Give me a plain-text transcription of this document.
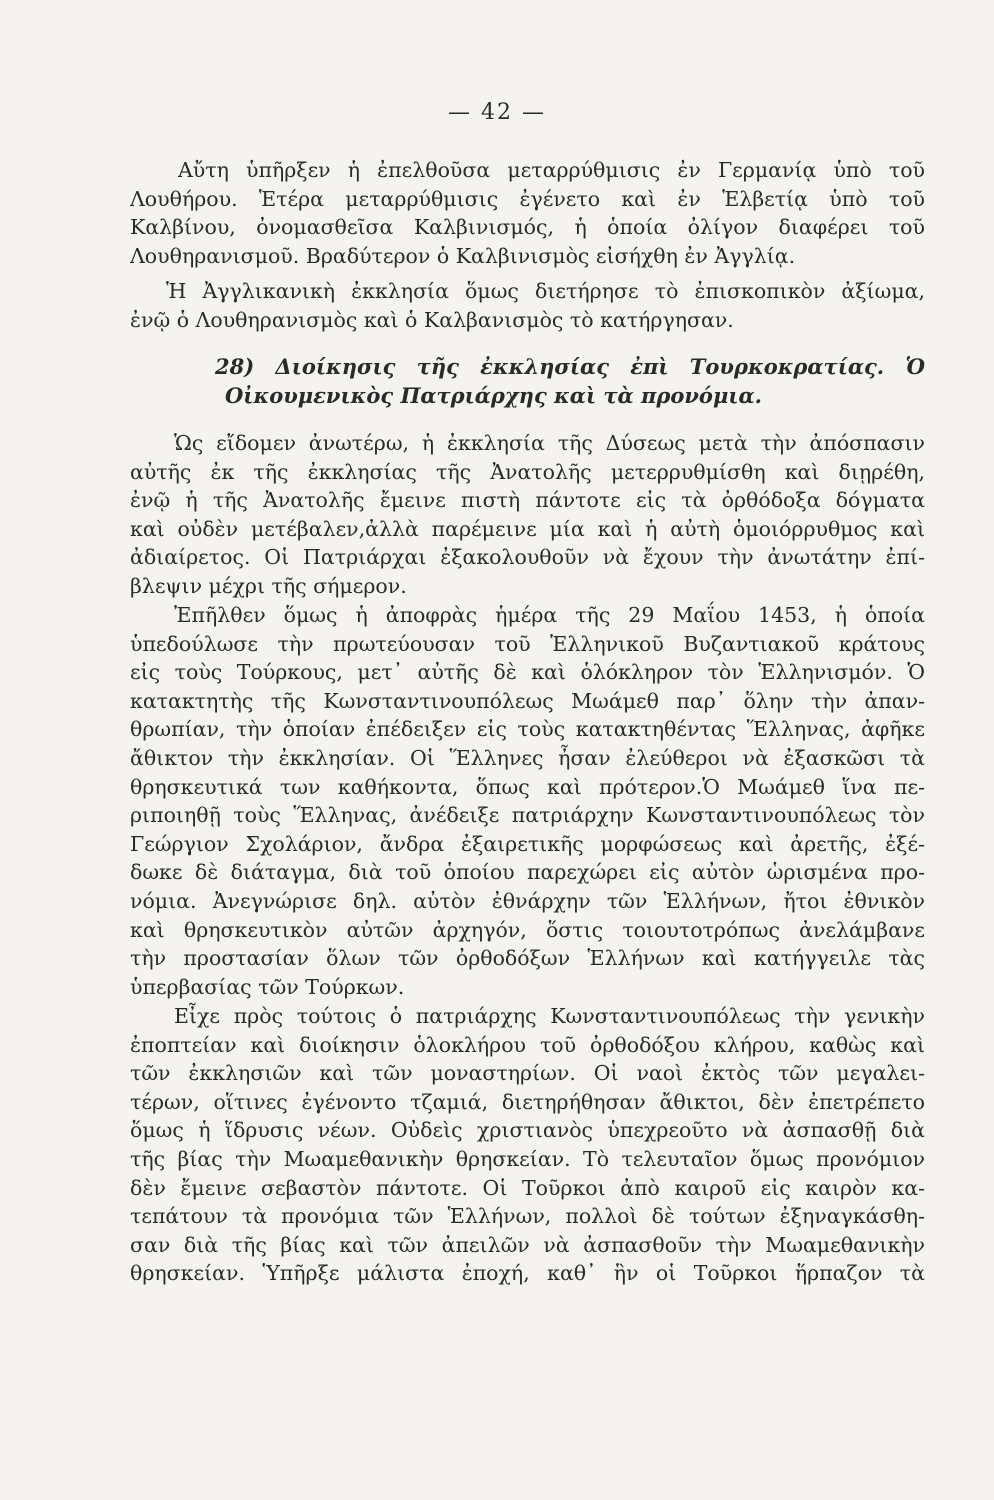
— 42 —
Αὔτη ὑπῆρξεν ἡ ἐπελθοῦσα μεταρρύθμισις ἐν Γερμανίᾳ ὑπὸ τοῦ
Λουθήρου. Ἑτέρα μεταρρύθμισις ἐγένετο καὶ ἐν Ἑλβετίᾳ ὑπὸ τοῦ
Καλβίνου, ὀνομασθεῖσα Καλβινισμός, ἡ ὁποία ὀλίγον διαφέρει τοῦ
Λουθηρανισμοῦ. Βραδύτερον ὁ Καλβινισμὸς εἰσήχθη ἐν Ἀγγλίᾳ.
Ἡ Ἀγγλικανικὴ ἐκκλησία ὅμως διετήρησε τὸ ἐπισκοπικὸν ἀξίωμα,
ἐνῷ ὁ Λουθηρανισμὸς καὶ ὁ Καλβανισμὸς τὸ κατήργησαν.
28) Διοίκησις τῆς ἐκκλησίας ἐπὶ Τουρκοκρατίας. Ὁ
Οἰκουμενικὸς Πατριάρχης καὶ τὰ προνόμια.
Ὡς εἴδομεν ἀνωτέρω, ἡ ἐκκλησία τῆς Δύσεως μετὰ τὴν ἀπόσπασιν
αὐτῆς ἐκ τῆς ἐκκλησίας τῆς Ἀνατολῆς μετερρυθμίσθη καὶ διῃρέθη,
ἐνῷ ἡ τῆς Ἀνατολῆς ἔμεινε πιστὴ πάντοτε εἰς τὰ ὀρθόδοξα δόγματα
καὶ οὐδὲν μετέβαλεν,ἀλλὰ παρέμεινε μία καὶ ἡ αὐτὴ ὁμοιόρρυθμος καὶ
ἀδιαίρετος. Οἱ Πατριάρχαι ἐξακολουθοῦν νὰ ἔχουν τὴν ἀνωτάτην ἐπί-
βλεψιν μέχρι τῆς σήμερον.
Ἐπῆλθεν ὅμως ἡ ἀποφρὰς ἡμέρα τῆς 29 Μαΐου 1453, ἡ ὁποία
ὑπεδούλωσε τὴν πρωτεύουσαν τοῦ Ἑλληνικοῦ Βυζαντιακοῦ κράτους
εἰς τοὺς Τούρκους, μετ᾽ αὐτῆς δὲ καὶ ὁλόκληρον τὸν Ἑλληνισμόν. Ὁ
κατακτητὴς τῆς Κωνσταντινουπόλεως Μωάμεθ παρ᾽ ὅλην τὴν ἀπαν-
θρωπίαν, τὴν ὁποίαν ἐπέδειξεν εἰς τοὺς κατακτηθέντας Ἕλληνας, ἀφῆκε
ἄθικτον τὴν ἐκκλησίαν. Οἱ Ἕλληνες ἦσαν ἐλεύθεροι νὰ ἐξασκῶσι τὰ
θρησκευτικά των καθήκοντα, ὅπως καὶ πρότερον.Ὁ Μωάμεθ ἵνα πε-
ριποιηθῇ τοὺς Ἕλληνας, ἀνέδειξε πατριάρχην Κωνσταντινουπόλεως τὸν
Γεώργιον Σχολάριον, ἄνδρα ἐξαιρετικῆς μορφώσεως καὶ ἀρετῆς, ἐξέ-
δωκε δὲ διάταγμα, διὰ τοῦ ὁποίου παρεχώρει εἰς αὐτὸν ὡρισμένα προ-
νόμια. Ἀνεγνώρισε δηλ. αὐτὸν ἐθνάρχην τῶν Ἑλλήνων, ἤτοι ἐθνικὸν
καὶ θρησκευτικὸν αὐτῶν ἀρχηγόν, ὅστις τοιουτοτρόπως ἀνελάμβανε
τὴν προστασίαν ὅλων τῶν ὀρθοδόξων Ἑλλήνων καὶ κατήγγειλε τὰς
ὑπερβασίας τῶν Τούρκων.
Εἶχε πρὸς τούτοις ὁ πατριάρχης Κωνσταντινουπόλεως τὴν γενικὴν
ἐποπτείαν καὶ διοίκησιν ὁλοκλήρου τοῦ ὀρθοδόξου κλήρου, καθὼς καὶ
τῶν ἐκκλησιῶν καὶ τῶν μοναστηρίων. Οἱ ναοὶ ἐκτὸς τῶν μεγαλει-
τέρων, οἵτινες ἐγένοντο τζαμιά, διετηρήθησαν ἄθικτοι, δὲν ἐπετρέπετο
ὅμως ἡ ἵδρυσις νέων. Οὐδεὶς χριστιανὸς ὑπεχρεοῦτο νὰ ἀσπασθῇ διὰ
τῆς βίας τὴν Μωαμεθανικὴν θρησκείαν. Τὸ τελευταῖον ὅμως προνόμιον
δὲν ἔμεινε σεβαστὸν πάντοτε. Οἱ Τοῦρκοι ἀπὸ καιροῦ εἰς καιρὸν κα-
τεπάτουν τὰ προνόμια τῶν Ἑλλήνων, πολλοὶ δὲ τούτων ἐξηναγκάσθη-
σαν διὰ τῆς βίας καὶ τῶν ἀπειλῶν νὰ ἀσπασθοῦν τὴν Μωαμεθανικὴν
θρησκείαν. Ὑπῆρξε μάλιστα ἐποχή, καθ᾽ ἣν οἱ Τοῦρκοι ἥρπαζον τὰ
